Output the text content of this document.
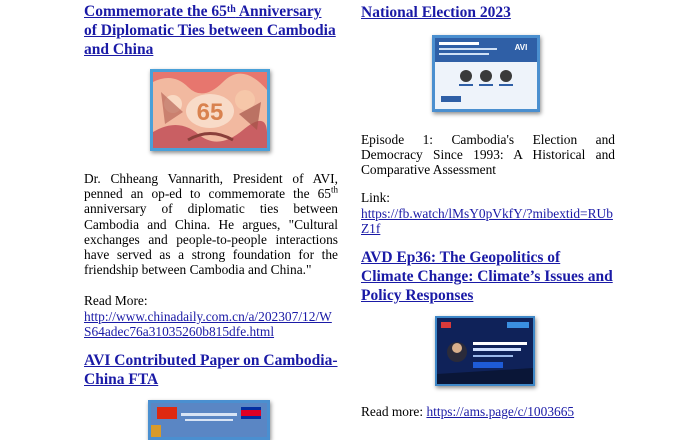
Commemorate the 65th Anniversary of Diplomatic Ties between Cambodia and China
65

Dr. Chheang Vannarith, President of AVI, penned an op-ed to commemorate the 65th anniversary of diplomatic ties between Cambodia and China. He argues, "Cultural exchanges and people-to-people interactions have served as a strong foundation for the friendship between Cambodia and China."

Read More:

http://www.chinadaily.com.cn/a/202307/12/WS64adec76a31035260b815dfe.html

AVI Contributed Paper on Cambodia-China FTA
National Election 2023
AVI

Episode 1: Cambodia's Election and Democracy Since 1993: A Historical and Comparative Assessment

Link:

https://fb.watch/lMsY0pVkfY/?mibextid=RUbZ1f

AVD Ep36: The Geopolitics of Climate Change: Climate’s Issues and Policy Responses

Read more: https://ams.page/c/1003665
